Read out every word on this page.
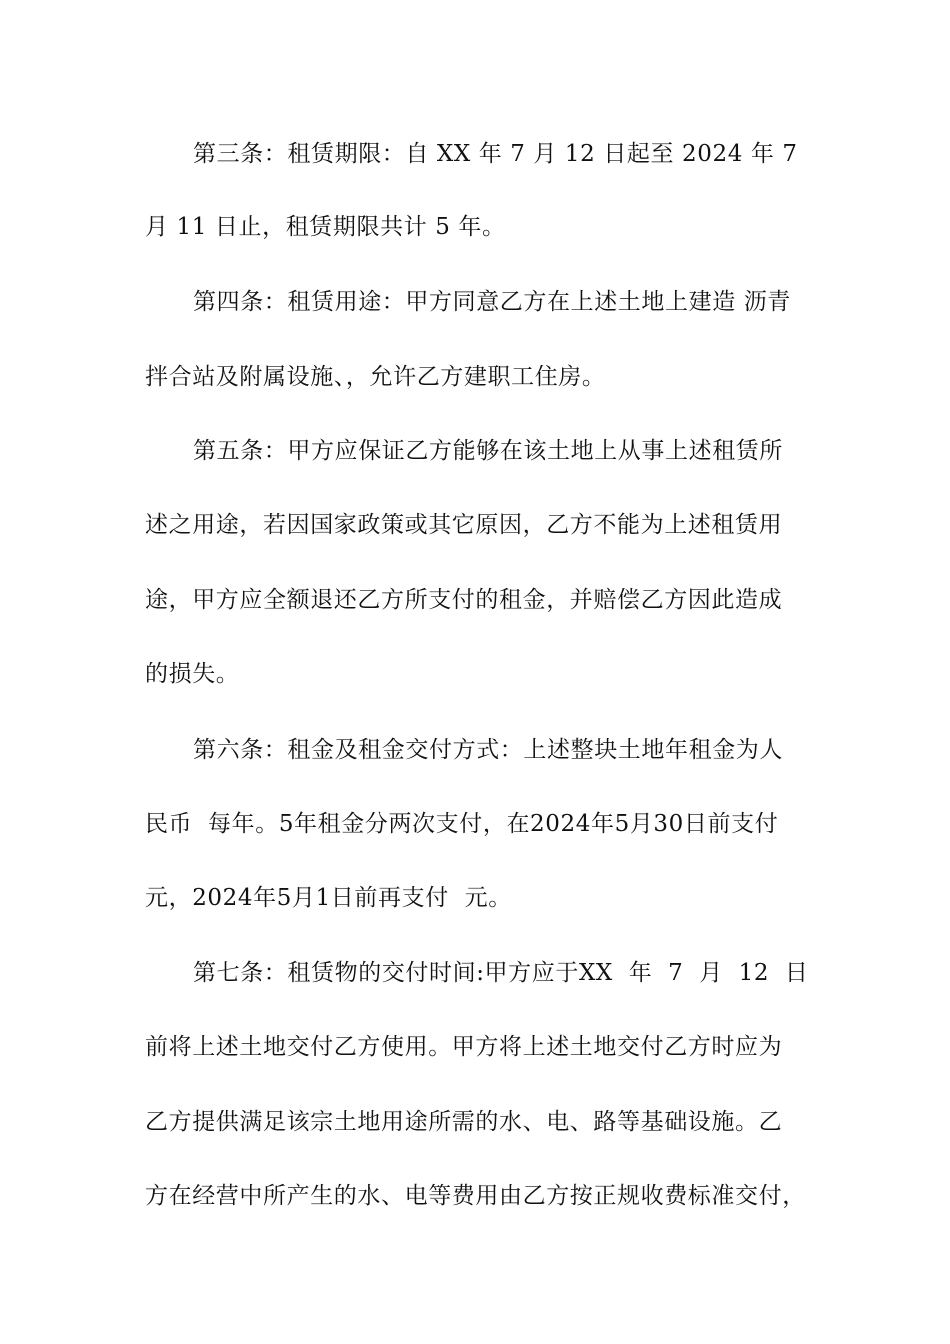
第三条：租赁期限：自 XX 年 7 月 12 日起至 2024 年 7
月 11 日止，租赁期限共计 5 年。
第四条：租赁用途：甲方同意乙方在上述土地上建造 沥青
拌合站及附属设施、，允许乙方建职工住房。
第五条：甲方应保证乙方能够在该土地上从事上述租赁所
述之用途，若因国家政策或其它原因，乙方不能为上述租赁用
途，甲方应全额退还乙方所支付的租金，并赔偿乙方因此造成
的损失。
第六条：租金及租金交付方式：上述整块土地年租金为人
民币  每年。5年租金分两次支付，在2024年5月30日前支付
元，2024年5月1日前再支付  元。
第七条：租赁物的交付时间:甲方应于XX  年  7  月  12  日
前将上述土地交付乙方使用。甲方将上述土地交付乙方时应为
乙方提供满足该宗土地用途所需的水、电、路等基础设施。乙
方在经营中所产生的水、电等费用由乙方按正规收费标准交付，
